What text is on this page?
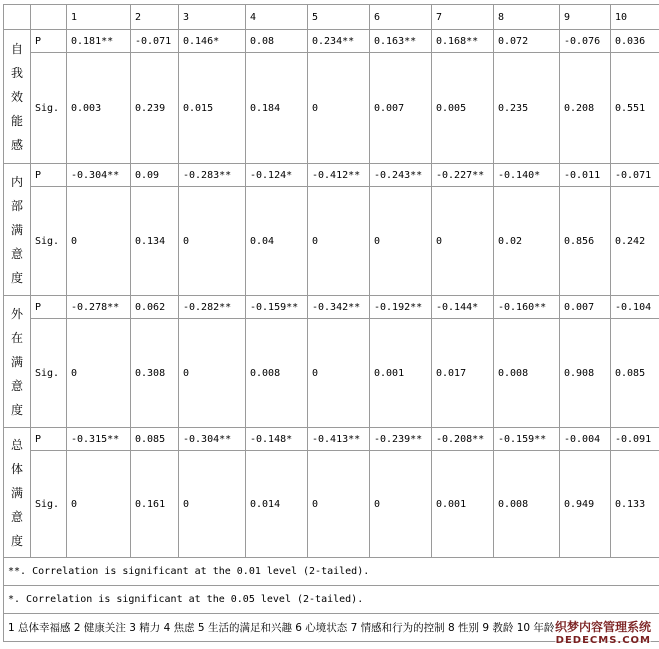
		1	2	3	4	5	6	7	8	9	10

自
我
效
能
感	P	0.181**	-0.071	0.146*	0.08	0.234**	0.163**	0.168**	0.072	-0.076	0.036
	Sig.	0.003	0.239	0.015	0.184	0	0.007	0.005	0.235	0.208	0.551

内
部
满
意
度	P	-0.304**	0.09	-0.283**	-0.124*	-0.412**	-0.243**	-0.227**	-0.140*	-0.011	-0.071
	Sig.	0	0.134	0	0.04	0	0	0	0.02	0.856	0.242

外
在
满
意
度	P	-0.278**	0.062	-0.282**	-0.159**	-0.342**	-0.192**	-0.144*	-0.160**	0.007	-0.104
	Sig.	0	0.308	0	0.008	0	0.001	0.017	0.008	0.908	0.085

总
体
满
意
度	P	-0.315**	0.085	-0.304**	-0.148*	-0.413**	-0.239**	-0.208**	-0.159**	-0.004	-0.091
	Sig.	0	0.161	0	0.014	0	0	0.001	0.008	0.949	0.133
**. Correlation is significant at the 0.01 level (2-tailed).											
*. Correlation is significant at the 0.05 level (2-tailed).											
1 总体幸福感 2 健康关注 3 精力 4 焦虑 5 生活的满足和兴趣 6 心境状态 7 情感和行为的控制 8 性别 9 教龄 10 年龄											织梦内容管理系统
DEDECMS.COM
